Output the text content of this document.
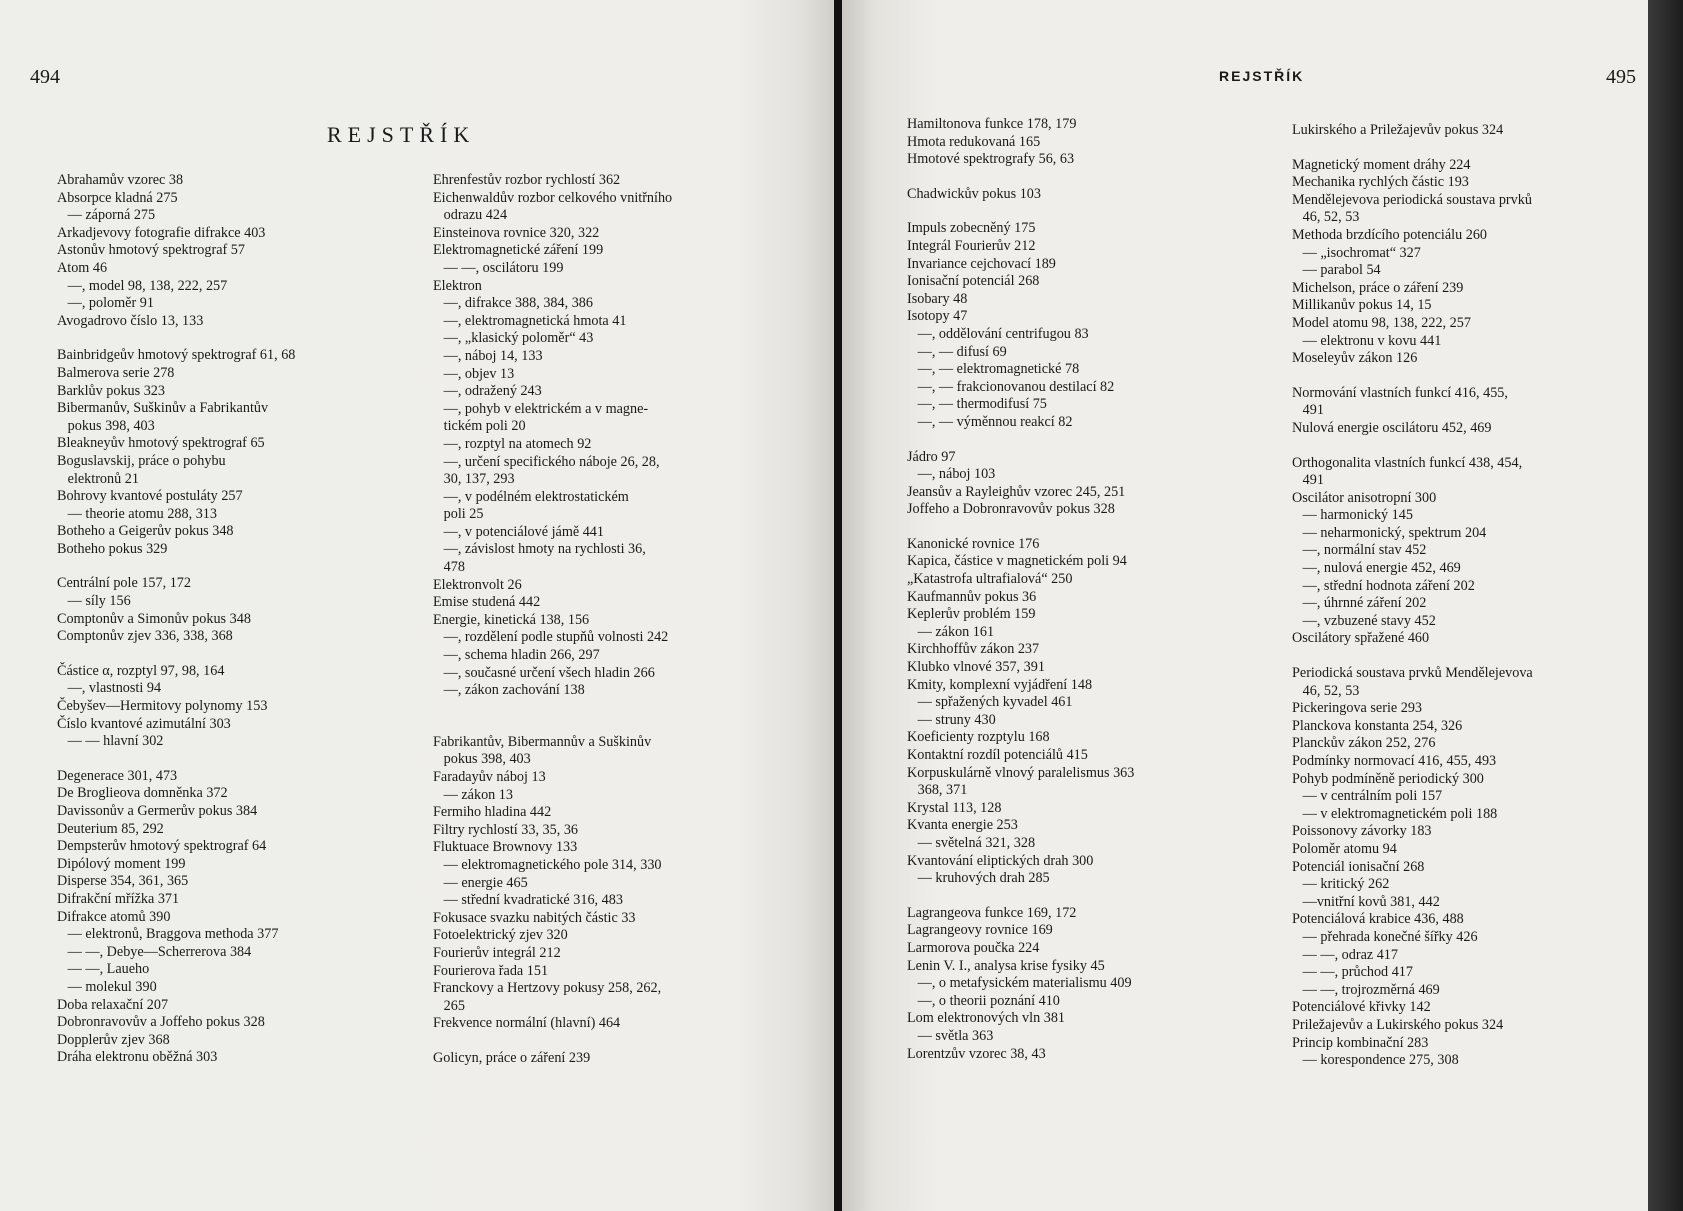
494
REJSTŘÍK
Abrahamův vzorec 38
Absorpce kladná 275
— záporná 275
Arkadjevovy fotografie difrakce 403
Astonův hmotový spektrograf 57
Atom 46
—, model 98, 138, 222, 257
—, poloměr 91
Avogadrovo číslo 13, 133
Bainbridgeův hmotový spektrograf 61, 68
Balmerova serie 278
Barklův pokus 323
Bibermanův, Suškinův a Fabrikantův
pokus 398, 403
Bleakneyův hmotový spektrograf 65
Boguslavskij, práce o pohybu
elektronů 21
Bohrovy kvantové postuláty 257
— theorie atomu 288, 313
Botheho a Geigerův pokus 348
Botheho pokus 329
Centrální pole 157, 172
— síly 156
Comptonův a Simonův pokus 348
Comptonův zjev 336, 338, 368
Částice α, rozptyl 97, 98, 164
—, vlastnosti 94
Čebyšev—Hermitovy polynomy 153
Číslo kvantové azimutální 303
— — hlavní 302
Degenerace 301, 473
De Broglieova domněnka 372
Davissonův a Germerův pokus 384
Deuterium 85, 292
Dempsterův hmotový spektrograf 64
Dipólový moment 199
Disperse 354, 361, 365
Difrakční mřížka 371
Difrakce atomů 390
— elektronů, Braggova methoda 377
— —, Debye—Scherrerova 384
— —, Laueho
— molekul 390
Doba relaxační 207
Dobronravovův a Joffeho pokus 328
Dopplerův zjev 368
Dráha elektronu oběžná 303
Ehrenfestův rozbor rychlostí 362
Eichenwaldův rozbor celkového vnitřního
odrazu 424
Einsteinova rovnice 320, 322
Elektromagnetické záření 199
— —, oscilátoru 199
Elektron
—, difrakce 388, 384, 386
—, elektromagnetická hmota 41
—, „klasický poloměr“ 43
—, náboj 14, 133
—, objev 13
—, odražený 243
—, pohyb v elektrickém a v magne-
tickém poli 20
—, rozptyl na atomech 92
—, určení specifického náboje 26, 28,
30, 137, 293
—, v podélném elektrostatickém
poli 25
—, v potenciálové jámě 441
—, závislost hmoty na rychlosti 36,
478
Elektronvolt 26
Emise studená 442
Energie, kinetická 138, 156
—, rozdělení podle stupňů volnosti 242
—, schema hladin 266, 297
—, současné určení všech hladin 266
—, zákon zachování 138
Fabrikantův, Bibermannův a Suškinův
pokus 398, 403
Faradayův náboj 13
— zákon 13
Fermiho hladina 442
Filtry rychlostí 33, 35, 36
Fluktuace Brownovy 133
— elektromagnetického pole 314, 330
— energie 465
— střední kvadratické 316, 483
Fokusace svazku nabitých částic 33
Fotoelektrický zjev 320
Fourierův integrál 212
Fourierova řada 151
Franckovy a Hertzovy pokusy 258, 262,
265
Frekvence normální (hlavní) 464
Golicyn, práce o záření 239
REJSTŘÍK	495
Hamiltonova funkce 178, 179
Hmota redukovaná 165
Hmotové spektrografy 56, 63
Chadwickův pokus 103
Impuls zobecněný 175
Integrál Fourierův 212
Invariance cejchovací 189
Ionisační potenciál 268
Isobary 48
Isotopy 47
—, oddělování centrifugou 83
—, — difusí 69
—, — elektromagnetické 78
—, — frakcionovanou destilací 82
—, — thermodifusí 75
—, — výměnnou reakcí 82
Jádro 97
—, náboj 103
Jeansův a Rayleighův vzorec 245, 251
Joffeho a Dobronravovův pokus 328
Kanonické rovnice 176
Kapica, částice v magnetickém poli 94
„Katastrofa ultrafialová“ 250
Kaufmannův pokus 36
Keplerův problém 159
— zákon 161
Kirchhoffův zákon 237
Klubko vlnové 357, 391
Kmity, komplexní vyjádření 148
— spřažených kyvadel 461
— struny 430
Koeficienty rozptylu 168
Kontaktní rozdíl potenciálů 415
Korpuskulárně vlnový paralelismus 363
368, 371
Krystal 113, 128
Kvanta energie 253
— světelná 321, 328
Kvantování eliptických drah 300
— kruhových drah 285
Lagrangeova funkce 169, 172
Lagrangeovy rovnice 169
Larmorova poučka 224
Lenin V. I., analysa krise fysiky 45
—, o metafysickém materialismu 409
—, o theorii poznání 410
Lom elektronových vln 381
— světla 363
Lorentzův vzorec 38, 43
Lukirského a Priležajevův pokus 324
Magnetický moment dráhy 224
Mechanika rychlých částic 193
Mendělejevova periodická soustava prvků
46, 52, 53
Methoda brzdícího potenciálu 260
— „isochromat“ 327
— parabol 54
Michelson, práce o záření 239
Millikanův pokus 14, 15
Model atomu 98, 138, 222, 257
— elektronu v kovu 441
Moseleyův zákon 126
Normování vlastních funkcí 416, 455,
491
Nulová energie oscilátoru 452, 469
Orthogonalita vlastních funkcí 438, 454,
491
Oscilátor anisotropní 300
— harmonický 145
— neharmonický, spektrum 204
—, normální stav 452
—, nulová energie 452, 469
—, střední hodnota záření 202
—, úhrnné záření 202
—, vzbuzené stavy 452
Oscilátory spřažené 460
Periodická soustava prvků Mendělejevova
46, 52, 53
Pickeringova serie 293
Planckova konstanta 254, 326
Planckův zákon 252, 276
Podmínky normovací 416, 455, 493
Pohyb podmíněně periodický 300
— v centrálním poli 157
— v elektromagnetickém poli 188
Poissonovy závorky 183
Poloměr atomu 94
Potenciál ionisační 268
— kritický 262
—vnitřní kovů 381, 442
Potenciálová krabice 436, 488
— přehrada konečné šířky 426
— —, odraz 417
— —, průchod 417
— —, trojrozměrná 469
Potenciálové křivky 142
Priležajevův a Lukirského pokus 324
Princip kombinační 283
— korespondence 275, 308
